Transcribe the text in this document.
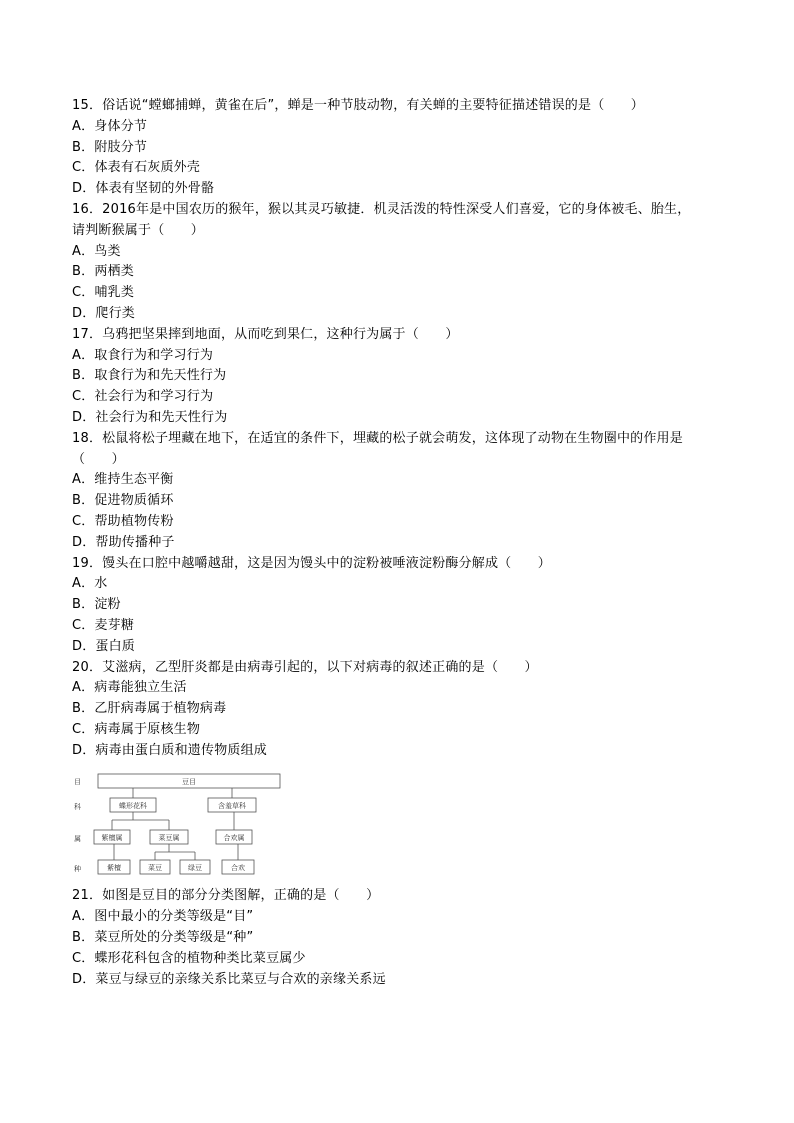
15．俗话说“螳螂捕蝉，黄雀在后”，蝉是一种节肢动物，有关蝉的主要特征描述错误的是（　　）
A．身体分节
B．附肢分节
C．体表有石灰质外壳
D．体表有坚韧的外骨骼
16．2016年是中国农历的猴年，猴以其灵巧敏捷．机灵活泼的特性深受人们喜爱，它的身体被毛、胎生，
请判断猴属于（　　）
A．鸟类
B．两栖类
C．哺乳类
D．爬行类
17．乌鸦把坚果摔到地面，从而吃到果仁，这种行为属于（　　）
A．取食行为和学习行为
B．取食行为和先天性行为
C．社会行为和学习行为
D．社会行为和先天性行为
18．松鼠将松子埋藏在地下，在适宜的条件下，埋藏的松子就会萌发，这体现了动物在生物圈中的作用是
（　　）
A．维持生态平衡
B．促进物质循环
C．帮助植物传粉
D．帮助传播种子
19．馒头在口腔中越嚼越甜，这是因为馒头中的淀粉被唾液淀粉酶分解成（　　）
A．水
B．淀粉
C．麦芽糖
D．蛋白质
20．艾滋病，乙型肝炎都是由病毒引起的，以下对病毒的叙述正确的是（　　）
A．病毒能独立生活
B．乙肝病毒属于植物病毒
C．病毒属于原核生物
D．病毒由蛋白质和遗传物质组成
目
科
属
种
豆目
蝶形花科	含羞草科
紫檀属	菜豆属	合欢属
紫檀	菜豆	绿豆	合欢
21．如图是豆目的部分分类图解，正确的是（　　）
A．图中最小的分类等级是“目”
B．菜豆所处的分类等级是“种”
C．蝶形花科包含的植物种类比菜豆属少
D．菜豆与绿豆的亲缘关系比菜豆与合欢的亲缘关系远
